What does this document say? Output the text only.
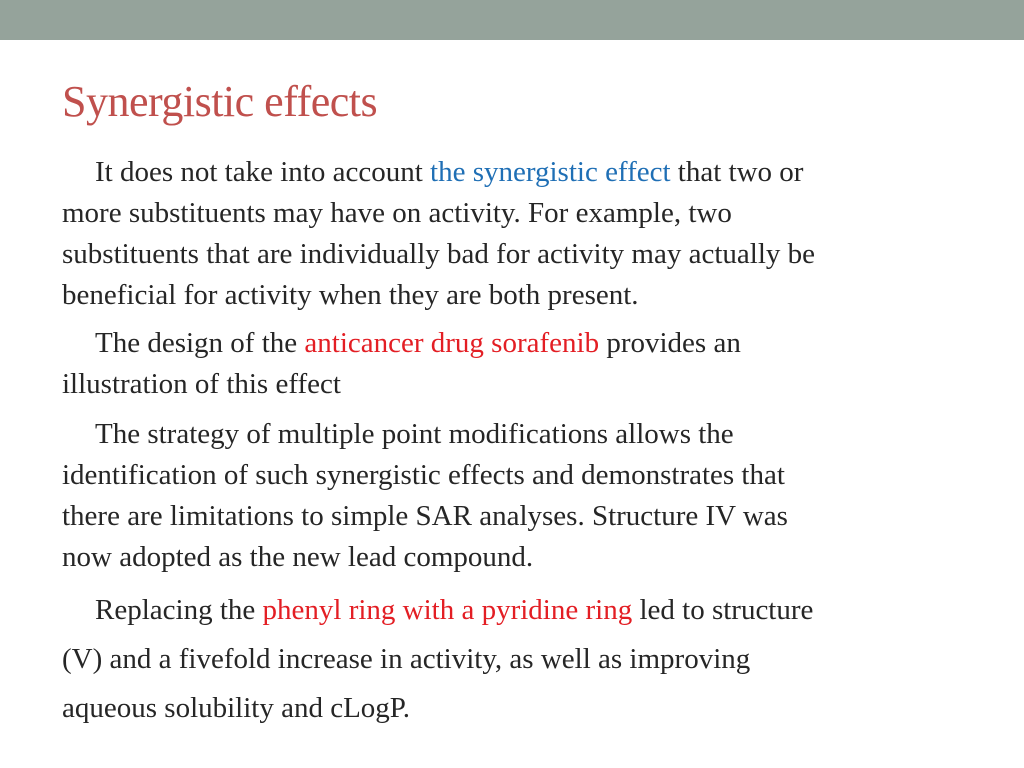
Synergistic effects

It does not take into account the synergistic effect that two or
more substituents may have on activity. For example, two
substituents that are individually bad for activity may actually be
beneficial for activity when they are both present.

The design of the anticancer drug sorafenib provides an
illustration of this effect

The strategy of multiple point modifications allows the
identification of such synergistic effects and demonstrates that
there are limitations to simple SAR analyses. Structure IV was
now adopted as the new lead compound.

Replacing the phenyl ring with a pyridine ring led to structure
(V) and a fivefold increase in activity, as well as improving
aqueous solubility and cLogP.
